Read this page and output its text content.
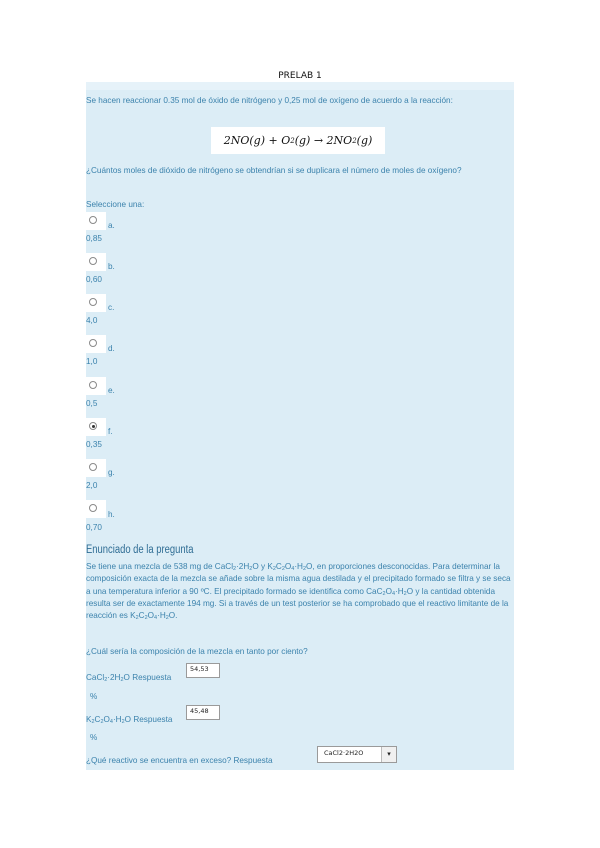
PRELAB 1
Se hacen reaccionar 0.35 mol de óxido de nitrógeno y 0,25 mol de oxígeno de acuerdo a la reacción:
2 NO ( g ) + O 2 ( g ) → 2 NO 2 ( g )
¿Cuántos moles de dióxido de nitrógeno se obtendrían si se duplicara el número de moles de oxígeno?
Seleccione una:
a.
0,85
b.
0,60
c.
4,0
d.
1,0
e.
0,5
f.
0,35
g.
2,0
h.
0,70
Enunciado de la pregunta
Se tiene una mezcla de 538 mg de $CaCl_2\cdot 2H_2O$ y $K_2C_2O_4\cdot H_2O$, en proporciones desconocidas. Para determinar la composición exacta de la mezcla se añade sobre la misma agua destilada y el precipitado formado se filtra y se seca a una temperatura inferior a 90 ºC. El precipitado formado se identifica como $CaC_2O_4\cdot H_2O$ y la cantidad obtenida resulta ser de exactamente 194 mg. Si a través de un test posterior se ha comprobado que el reactivo limitante de la reacción es $K_2C_2O_4\cdot H_2O$.
¿Cuál sería la composición de la mezcla en tanto por ciento?
$CaCl_2\cdot 2H_2O$ Respuesta
54,53
%
$K_2C_2O_4\cdot H_2O$ Respuesta
45,48
%
¿Qué reactivo se encuentra en exceso? Respuesta
CaCl2·2H2O	▾
